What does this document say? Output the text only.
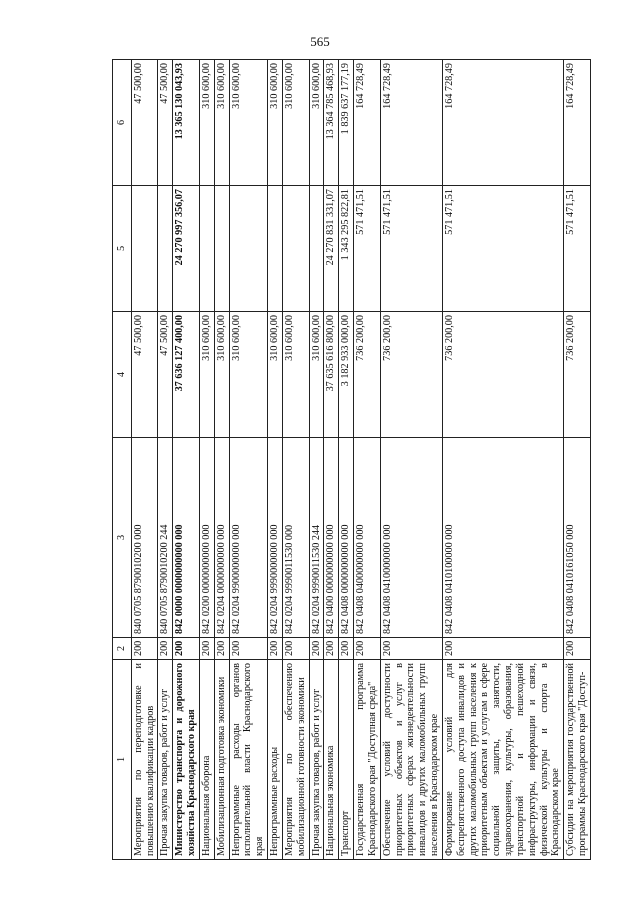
565
1	2	3	4	5	6
Мероприятия по переподготовке и повышению квалификации кадров	200	840 0705 8790010200 000	47 500,00		47 500,00
Прочая закупка товаров, работ и услуг	200	840 0705 8790010200 244	47 500,00		47 500,00
Министерство транспорта и дорожного хозяйства Краснодарского края	200	842 0000 0000000000 000	37 636 127 400,00	24 270 997 356,07	13 365 130 043,93
Национальная оборона	200	842 0200 0000000000 000	310 600,00		310 600,00
Мобилизационная подготовка экономики	200	842 0204 0000000000 000	310 600,00		310 600,00
Непрограммные расходы органов исполнительной власти Краснодарского края	200	842 0204 9900000000 000	310 600,00		310 600,00
Непрограммные расходы	200	842 0204 9990000000 000	310 600,00		310 600,00
Мероприятия по обеспечению мобилизационной готовности экономики	200	842 0204 9990011530 000	310 600,00		310 600,00
Прочая закупка товаров, работ и услуг	200	842 0204 9990011530 244	310 600,00		310 600,00
Национальная экономика	200	842 0400 0000000000 000	37 635 616 800,00	24 270 831 331,07	13 364 785 468,93
Транспорт	200	842 0408 0000000000 000	3 182 933 000,00	1 343 295 822,81	1 839 637 177,19
Государственная программа Краснодарского края "Доступная среда"	200	842 0408 0400000000 000	736 200,00	571 471,51	164 728,49
Обеспечение условий доступности приоритетных объектов и услуг в приоритетных сферах жизнедеятельности инвалидов и других маломобильных групп населения в Краснодарском крае	200	842 0408 0410000000 000	736 200,00	571 471,51	164 728,49
Формирование условий для беспрепятственного доступа инвалидов и других маломобильных групп населения к приоритетным объектам и услугам в сфере социальной защиты, занятости, здравоохранения, культуры, образования, транспортной и пешеходной инфраструктуры, информации и связи, физической культуры и спорта в Краснодарском крае	200	842 0408 0410100000 000	736 200,00	571 471,51	164 728,49
Субсидии на мероприятия государственной программы Краснодарского края "Доступ-	200	842 0408 0410161050 000	736 200,00	571 471,51	164 728,49
